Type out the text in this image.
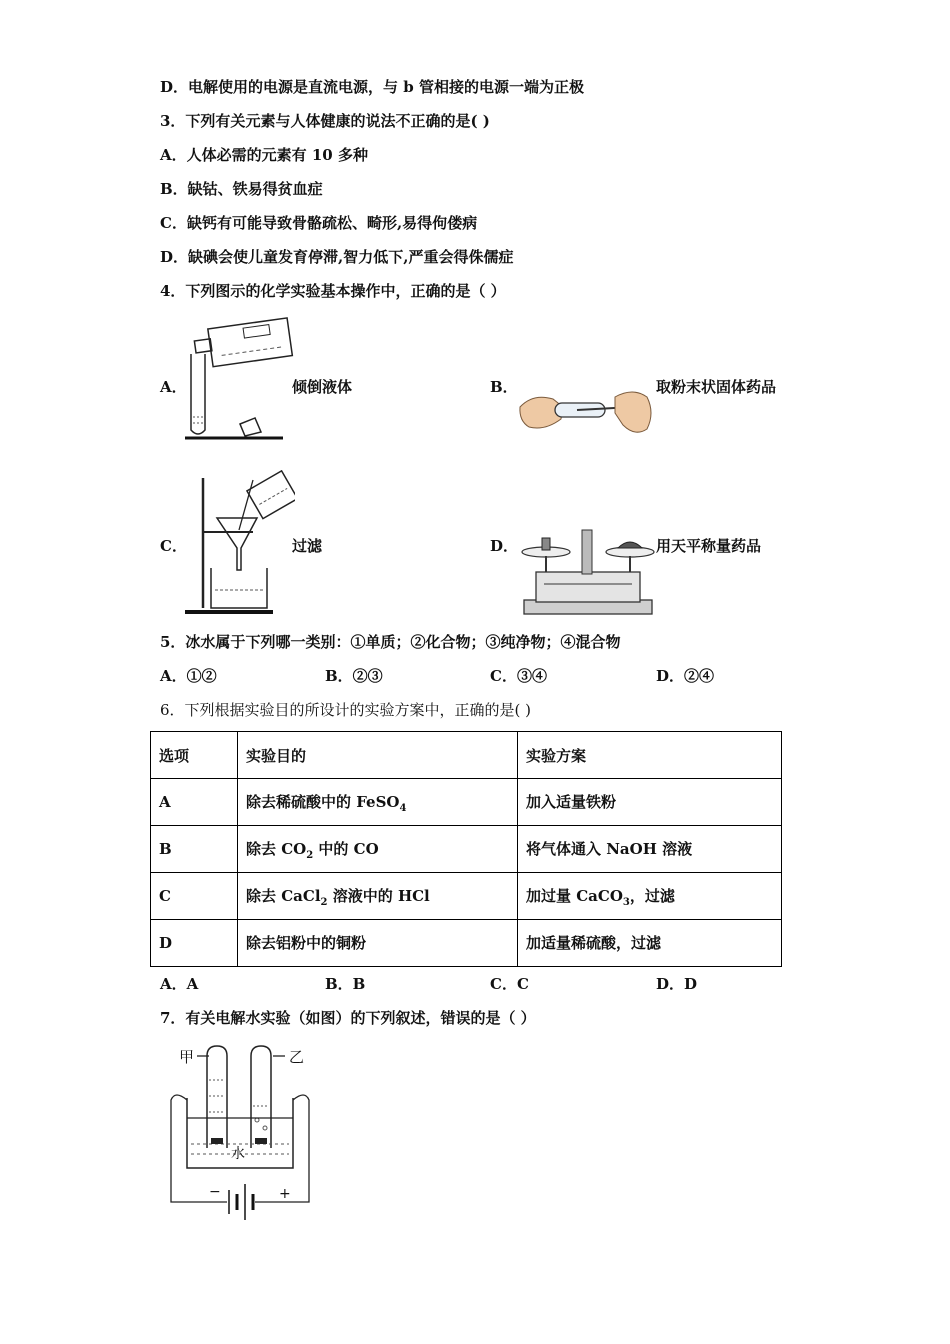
D．电解使用的电源是直流电源，与 b 管相接的电源一端为正极
3．下列有关元素与人体健康的说法不正确的是( )
A．人体必需的元素有 10 多种
B．缺钴、铁易得贫血症
C．缺钙有可能导致骨骼疏松、畸形,易得佝偻病
D．缺碘会使儿童发育停滞,智力低下,严重会得侏儒症
4．下列图示的化学实验基本操作中，正确的是（ ）
A．	倾倒液体	B．	取粉末状固体药品
C．	过滤	D．	用天平称量药品
5．冰水属于下列哪一类别：①单质；②化合物；③纯净物；④混合物
A．①②	B．②③	C．③④	D．②④
6．下列根据实验目的所设计的实验方案中，正确的是( )
选项	实验目的	实验方案
A	除去稀硫酸中的 FeSO$_4$	加入适量铁粉
B	除去 $CO_2$ 中的 CO	将气体通入 NaOH 溶液
C	除去 CaCl$_2$ 溶液中的 HCl	加过量 CaCO$_3$，过滤
D	除去铝粉中的铜粉	加适量稀硫酸，过滤
A．A	B．B	C．C	D．D
7．有关电解水实验（如图）的下列叙述，错误的是（ ）
甲	乙
水
−	+
